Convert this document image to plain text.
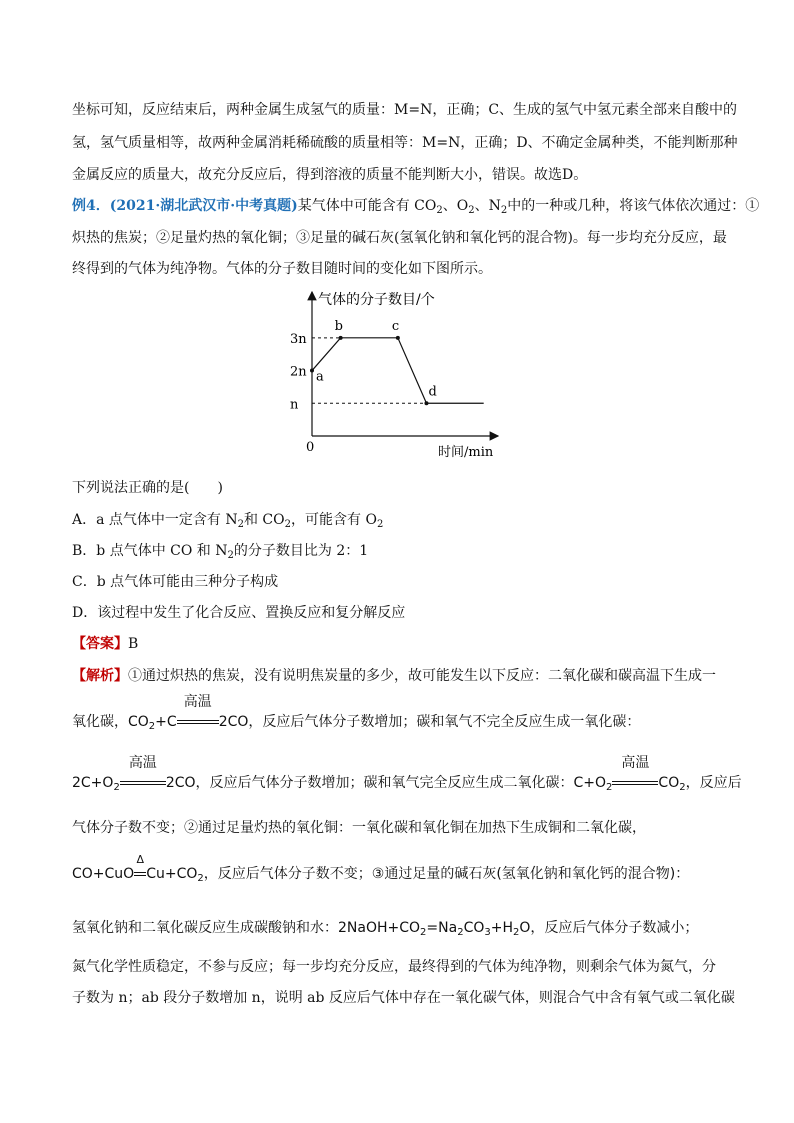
坐标可知，反应结束后，两种金属生成氢气的质量：M=N，正确；C、生成的氢气中氢元素全部来自酸中的
氢，氢气质量相等，故两种金属消耗稀硫酸的质量相等：M=N，正确；D、不确定金属种类，不能判断那种
金属反应的质量大，故充分反应后，得到溶液的质量不能判断大小，错误。故选D。
例4．(2021·湖北武汉市·中考真题)某气体中可能含有 $CO_2$、$O_2$、$N_2$中的一种或几种，将该气体依次通过：①
炽热的焦炭；②足量灼热的氧化铜；③足量的碱石灰(氢氧化钠和氧化钙的混合物)。每一步均充分反应，最
终得到的气体为纯净物。气体的分子数目随时间的变化如下图所示。
气体的分子数目/个
时间/min
0
3n
2n
n
a
b	c
d
下列说法正确的是(　　)
A．a 点气体中一定含有 $N_2$和 $CO_2$，可能含有 $O_2$
B．b 点气体中 CO 和 $N_2$的分子数目比为 2：1
C．b 点气体可能由三种分子构成
D．该过程中发生了化合反应、置换反应和复分解反应
【答案】B
【解析】①通过炽热的焦炭，没有说明焦炭量的多少，故可能发生以下反应：二氧化碳和碳高温下生成一
氧化碳，$CO_2+C$
高温
2CO，反应后气体分子数增加；碳和氧气不完全反应生成一氧化碳：
$2C+O_2$
高温
2CO，反应后气体分子数增加；碳和氧气完全反应生成二氧化碳：$C+O_2$
高温
$CO_2$，反应后
气体分子数不变；②通过足量灼热的氧化铜：一氧化碳和氧化铜在加热下生成铜和二氧化碳，
CO+CuO
Δ
$Cu+CO_2$，反应后气体分子数不变；③通过足量的碱石灰(氢氧化钠和氧化钙的混合物)：
氢氧化钠和二氧化碳反应生成碳酸钠和水：$2NaOH+CO_2=Na_2CO_3+H_2O$，反应后气体分子数减小；
氮气化学性质稳定，不参与反应；每一步均充分反应，最终得到的气体为纯净物，则剩余气体为氮气，分
子数为 n；ab 段分子数增加 n，说明 ab 反应后气体中存在一氧化碳气体，则混合气中含有氧气或二氧化碳
